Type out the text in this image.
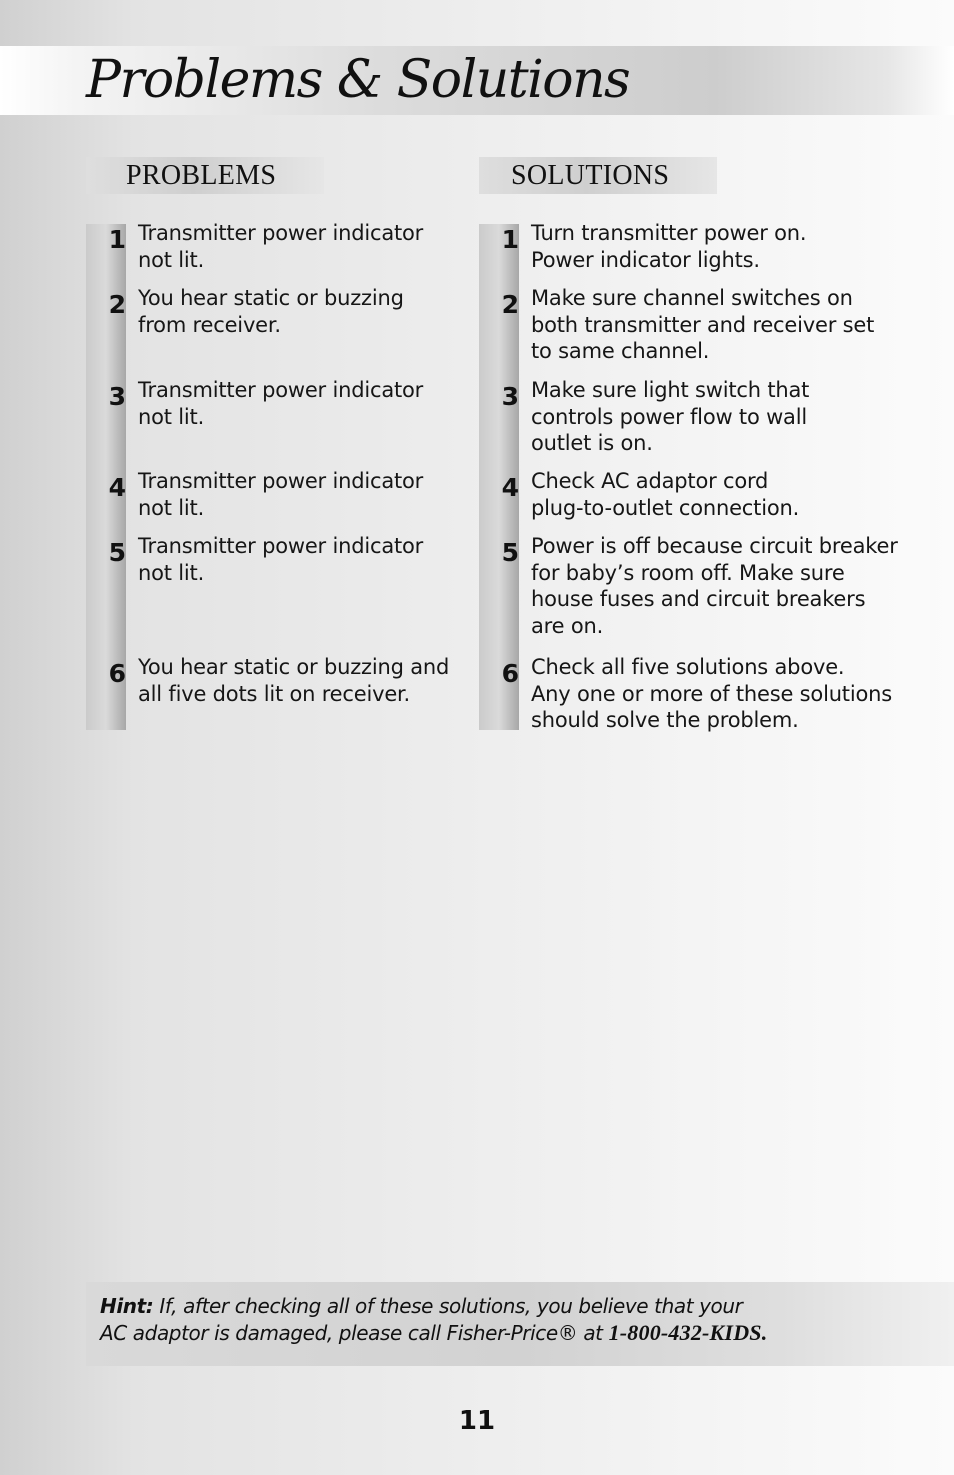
Problems & Solutions
PROBLEMS	SOLUTIONS
1 Transmitter power indicator
not lit.
2 You hear static or buzzing
from receiver.
3 Transmitter power indicator
not lit.
4 Transmitter power indicator
not lit.
5 Transmitter power indicator
not lit.
6 You hear static or buzzing and
all five dots lit on receiver.
1 Turn transmitter power on.
Power indicator lights.
2 Make sure channel switches on
both transmitter and receiver set
to same channel.
3 Make sure light switch that
controls power flow to wall
outlet is on.
4 Check AC adaptor cord
plug-to-outlet connection.
5 Power is off because circuit breaker
for baby’s room off. Make sure
house fuses and circuit breakers
are on.
6 Check all five solutions above.
Any one or more of these solutions
should solve the problem.

Hint: If, after checking all of these solutions, you believe that your
AC adaptor is damaged, please call Fisher-Price® at 1-800-432-KIDS.

11
